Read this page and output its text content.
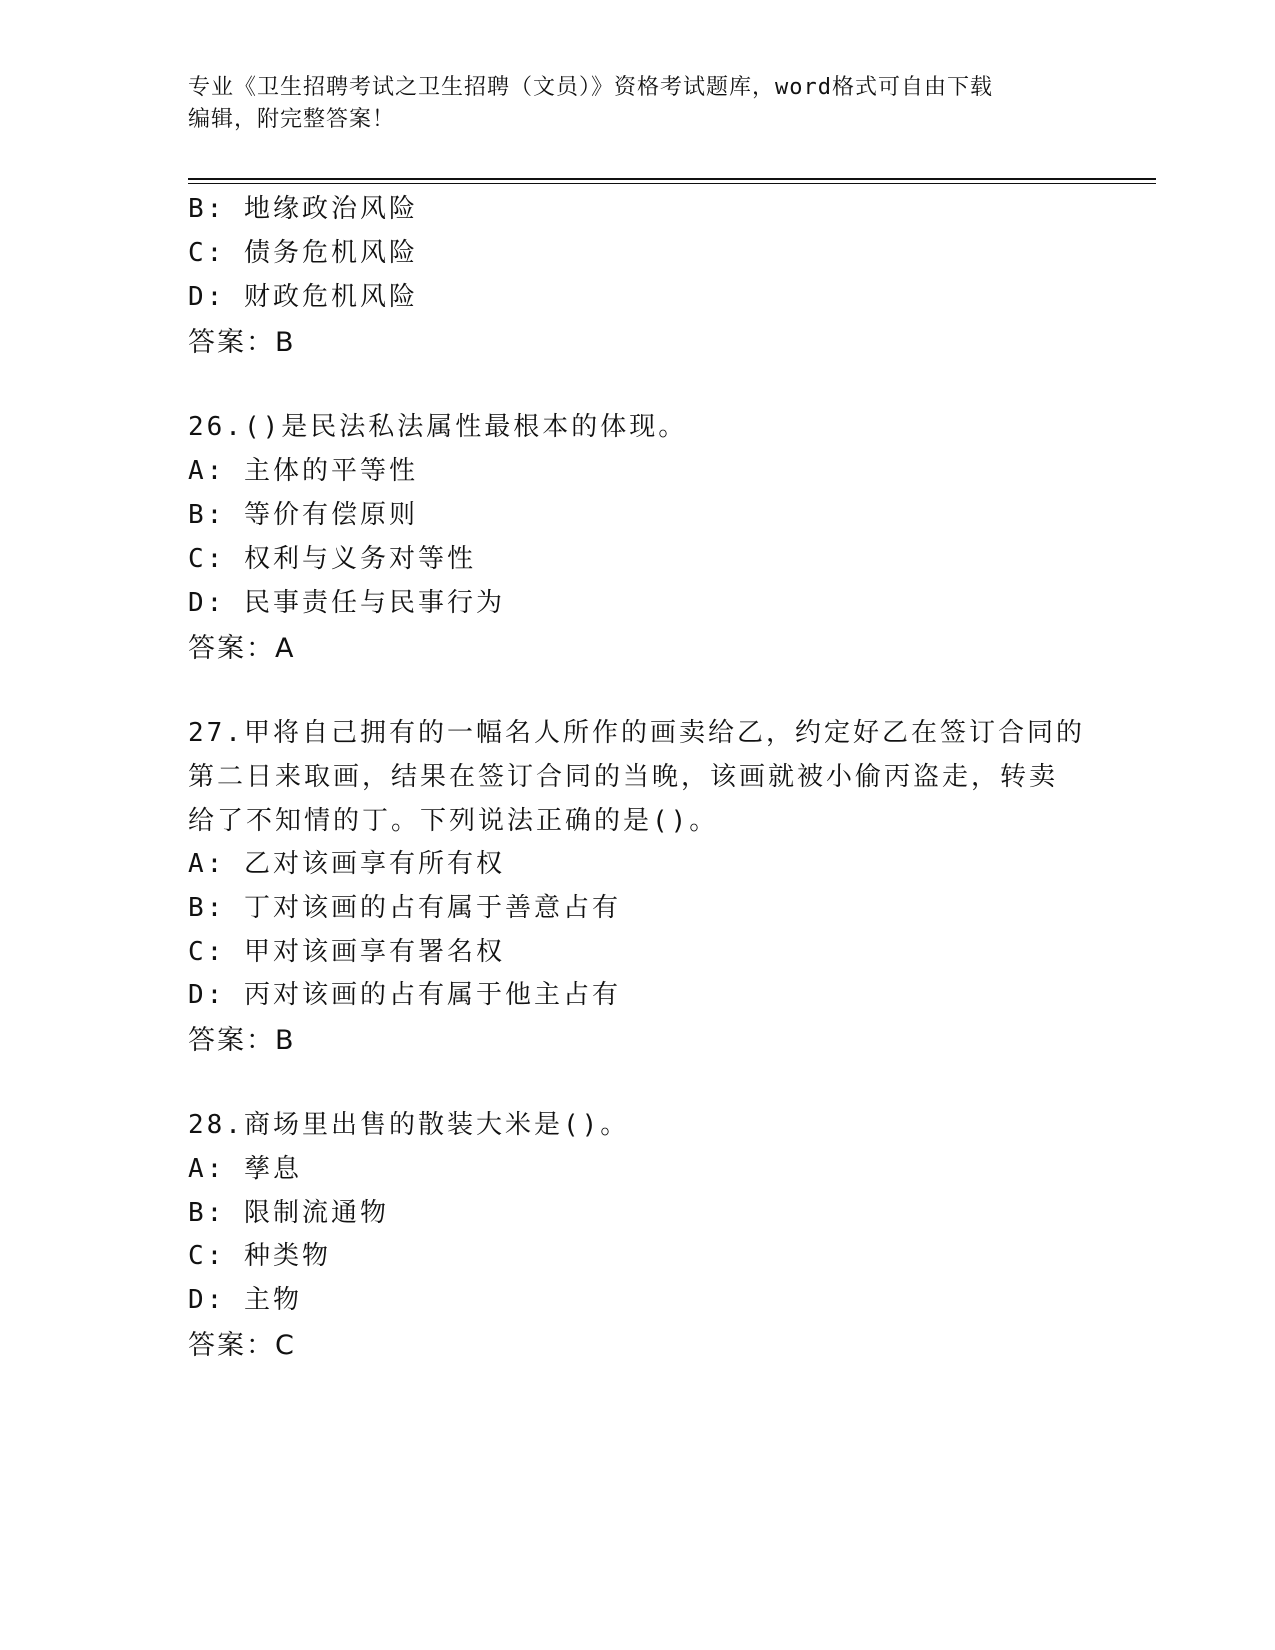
专业《卫生招聘考试之卫生招聘（文员）》资格考试题库，word格式可自由下载
编辑，附完整答案！
B: 地缘政治风险
C: 债务危机风险
D: 财政危机风险
答案：B
26.()是民法私法属性最根本的体现。
A: 主体的平等性
B: 等价有偿原则
C: 权利与义务对等性
D: 民事责任与民事行为
答案：A
27.甲将自己拥有的一幅名人所作的画卖给乙，约定好乙在签订合同的
第二日来取画，结果在签订合同的当晚，该画就被小偷丙盗走，转卖
给了不知情的丁。下列说法正确的是()。
A: 乙对该画享有所有权
B: 丁对该画的占有属于善意占有
C: 甲对该画享有署名权
D: 丙对该画的占有属于他主占有
答案：B
28.商场里出售的散装大米是()。
A: 孳息
B: 限制流通物
C: 种类物
D: 主物
答案：C
